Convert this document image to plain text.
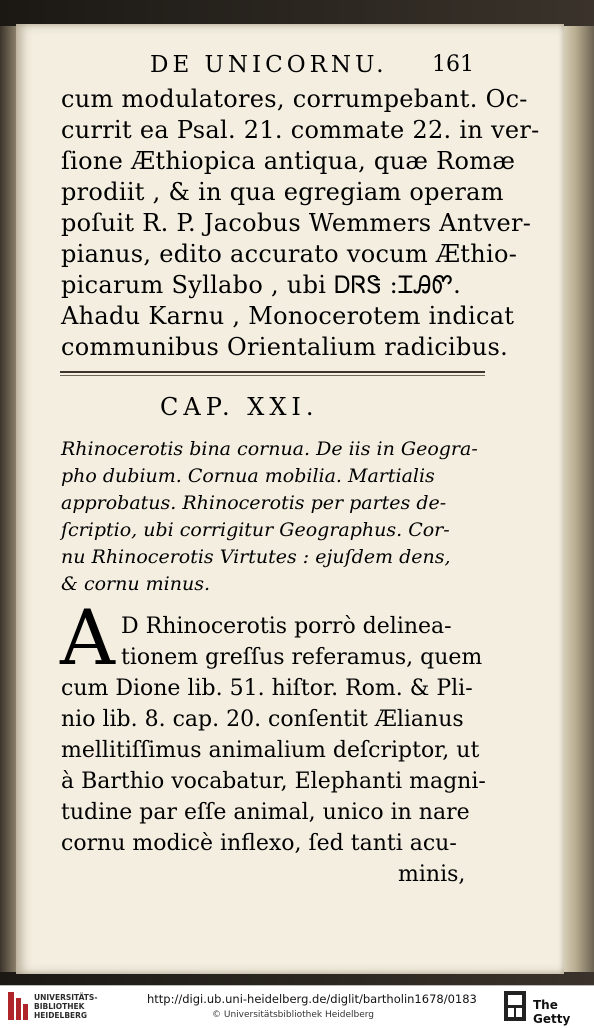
DE UNICORNU.	161
cum modulatores, corrumpebant. Oc-
currit ea Psal. 21. commate 22. in ver-
ſione Æthiopica antiqua, quæ Romæ
prodiit , & in qua egregiam operam
poſuit R. P. Jacobus Wemmers Antver-
pianus, edito accurato vocum Æthio-
picarum Syllabo , ubi ᎠᏒᏕ :ᏆᎯᏛ.
Ahadu Karnu , Monocerotem indicat
communibus Orientalium radicibus.
CAP. XXI.
Rhinocerotis bina cornua. De iis in Geogra-
pho dubium. Cornua mobilia. Martialis
approbatus. Rhinocerotis per partes de-
ſcriptio, ubi corrigitur Geographus. Cor-
nu Rhinocerotis Virtutes : ejuſdem dens,
& cornu minus.
A D Rhinocerotis porrò delinea-
tionem greſſus referamus, quem
cum Dione lib. 51. hiſtor. Rom. & Pli-
nio lib. 8. cap. 20. conſentit Ælianus
mellitiſſimus animalium deſcriptor, ut
à Barthio vocabatur, Elephanti magni-
tudine par eſſe animal, unico in nare
cornu modicè inflexo, ſed tanti acu-
minis,
UNIVERSITÄTS-
BIBLIOTHEK
HEIDELBERG
http://digi.ub.uni-heidelberg.de/diglit/bartholin1678/0183
© Universitätsbibliothek Heidelberg
The Getty
